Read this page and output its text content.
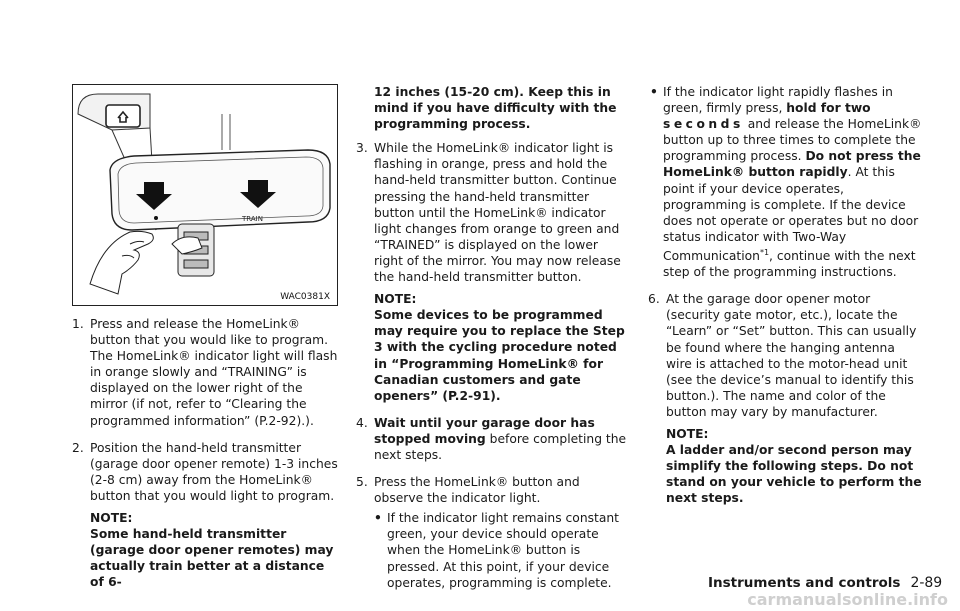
TRAIN
WAC0381X
1. Press and release the HomeLink® button that you would like to program. The HomeLink® indicator light will flash in orange slowly and “TRAINING” is displayed on the lower right of the mirror (if not, refer to “Clearing the programmed information” (P.2-92).).
2. Position the hand-held transmitter (garage door opener remote) 1-3 inches (2-8 cm) away from the HomeLink® button that you would light to program.
NOTE:
Some hand-held transmitter (garage door opener remotes) may actually train better at a distance of 6-
12 inches (15-20 cm). Keep this in mind if you have difficulty with the programming process.
3. While the HomeLink® indicator light is flashing in orange, press and hold the hand-held transmitter button. Continue pressing the hand-held transmitter button until the HomeLink® indicator light changes from orange to green and “TRAINED” is displayed on the lower right of the mirror. You may now release the hand-held transmitter button.
NOTE:
Some devices to be programmed may require you to replace the Step 3 with the cycling procedure noted in “Programming HomeLink® for Canadian customers and gate openers” (P.2-91).
4. Wait until your garage door has stopped moving before completing the next steps.
5. Press the HomeLink® button and observe the indicator light.
• If the indicator light remains constant green, your device should operate when the HomeLink® button is pressed. At this point, if your device operates, programming is complete.
• If the indicator light rapidly flashes in green, firmly press, hold for two seconds and release the HomeLink® button up to three times to complete the programming process. Do not press the HomeLink® button rapidly. At this point if your device operates, programming is complete. If the device does not operate or operates but no door status indicator with Two-Way Communication$^{*1}$, continue with the next step of the programming instructions.
6. At the garage door opener motor (security gate motor, etc.), locate the “Learn” or “Set” button. This can usually be found where the hanging antenna wire is attached to the motor-head unit (see the device’s manual to identify this button.). The name and color of the button may vary by manufacturer.
NOTE:
A ladder and/or second person may simplify the following steps. Do not stand on your vehicle to perform the next steps.
Instruments and controls 2-89
carmanualsonline.info
